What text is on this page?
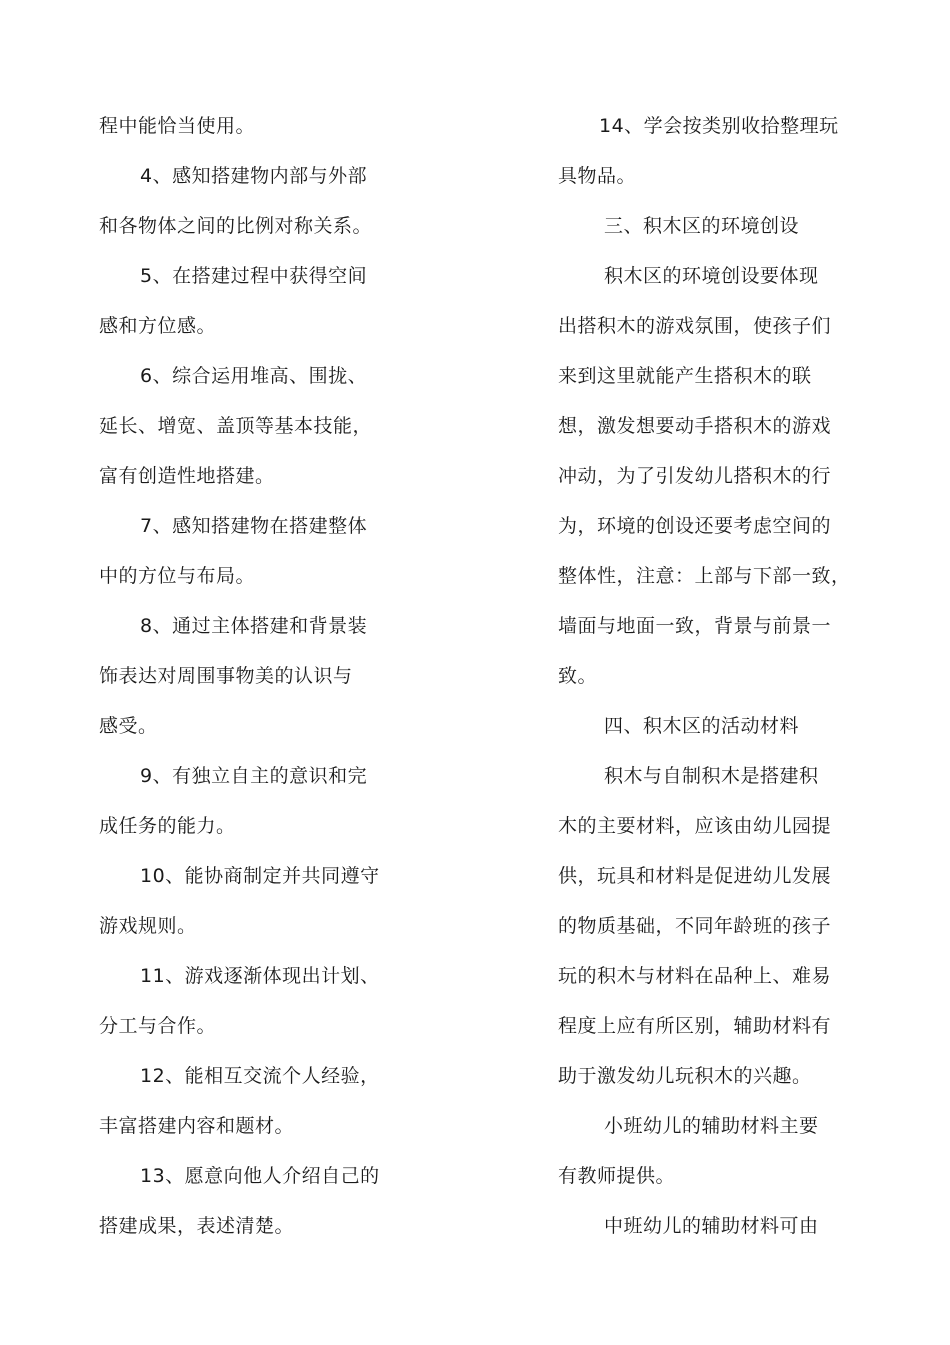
程中能恰当使用。
4、感知搭建物内部与外部
和各物体之间的比例对称关系。
5、在搭建过程中获得空间
感和方位感。
6、综合运用堆高、围拢、
延长、增宽、盖顶等基本技能，
富有创造性地搭建。
7、感知搭建物在搭建整体
中的方位与布局。
8、通过主体搭建和背景装
饰表达对周围事物美的认识与
感受。
9、有独立自主的意识和完
成任务的能力。
10、能协商制定并共同遵守
游戏规则。
11、游戏逐渐体现出计划、
分工与合作。
12、能相互交流个人经验，
丰富搭建内容和题材。
13、愿意向他人介绍自己的
搭建成果，表述清楚。
14、学会按类别收拾整理玩
具物品。
三、积木区的环境创设
积木区的环境创设要体现
出搭积木的游戏氛围，使孩子们
来到这里就能产生搭积木的联
想，激发想要动手搭积木的游戏
冲动，为了引发幼儿搭积木的行
为，环境的创设还要考虑空间的
整体性，注意：上部与下部一致，
墙面与地面一致，背景与前景一
致。
四、积木区的活动材料
积木与自制积木是搭建积
木的主要材料，应该由幼儿园提
供，玩具和材料是促进幼儿发展
的物质基础，不同年龄班的孩子
玩的积木与材料在品种上、难易
程度上应有所区别，辅助材料有
助于激发幼儿玩积木的兴趣。
小班幼儿的辅助材料主要
有教师提供。
中班幼儿的辅助材料可由
